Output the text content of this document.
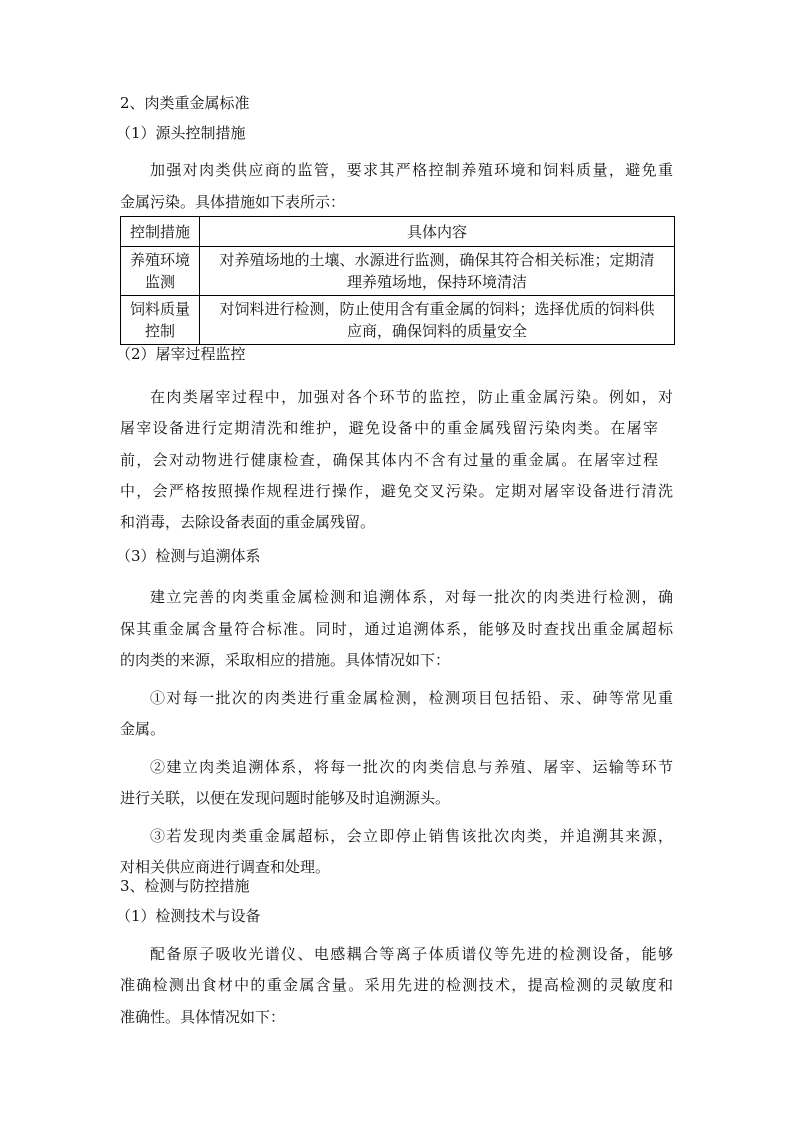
2、肉类重金属标准
（1）源头控制措施
加强对肉类供应商的监管，要求其严格控制养殖环境和饲料质量，避免重
金属污染。具体措施如下表所示：
控制措施	具体内容
养殖环境
监测	对养殖场地的土壤、水源进行监测，确保其符合相关标准；定期清
理养殖场地，保持环境清洁
饲料质量
控制	对饲料进行检测，防止使用含有重金属的饲料；选择优质的饲料供
应商，确保饲料的质量安全
（2）屠宰过程监控
在肉类屠宰过程中，加强对各个环节的监控，防止重金属污染。例如，对
屠宰设备进行定期清洗和维护，避免设备中的重金属残留污染肉类。在屠宰
前，会对动物进行健康检查，确保其体内不含有过量的重金属。在屠宰过程
中，会严格按照操作规程进行操作，避免交叉污染。定期对屠宰设备进行清洗
和消毒，去除设备表面的重金属残留。
（3）检测与追溯体系
建立完善的肉类重金属检测和追溯体系，对每一批次的肉类进行检测，确
保其重金属含量符合标准。同时，通过追溯体系，能够及时查找出重金属超标
的肉类的来源，采取相应的措施。具体情况如下：
①对每一批次的肉类进行重金属检测，检测项目包括铅、汞、砷等常见重
金属。
②建立肉类追溯体系，将每一批次的肉类信息与养殖、屠宰、运输等环节
进行关联，以便在发现问题时能够及时追溯源头。
③若发现肉类重金属超标，会立即停止销售该批次肉类，并追溯其来源，
对相关供应商进行调查和处理。
3、检测与防控措施
（1）检测技术与设备
配备原子吸收光谱仪、电感耦合等离子体质谱仪等先进的检测设备，能够
准确检测出食材中的重金属含量。采用先进的检测技术，提高检测的灵敏度和
准确性。具体情况如下：
